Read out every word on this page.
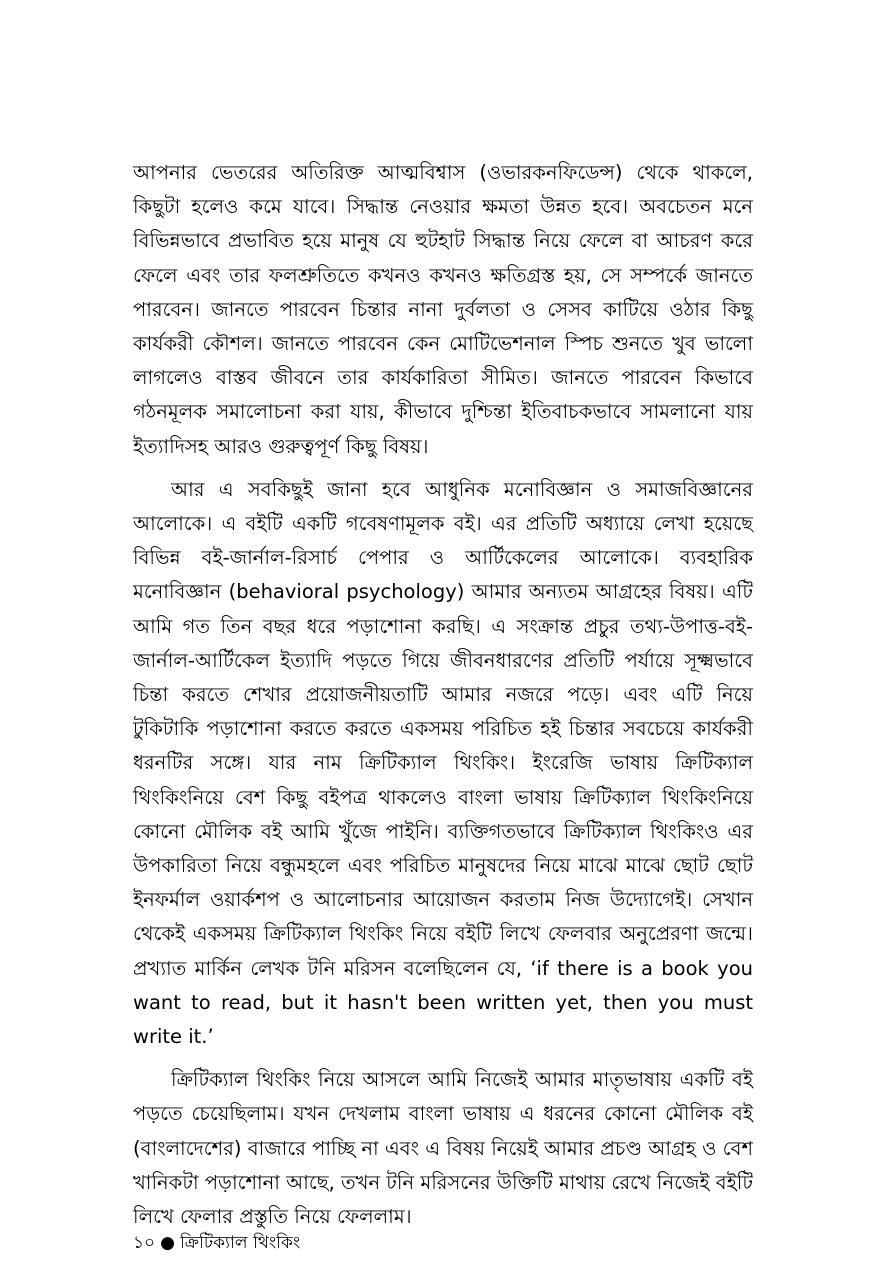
আপনার ভেতরের অতিরিক্ত আত্মবিশ্বাস (ওভারকনফিডেন্স) থেকে থাকলে, কিছুটা হলেও কমে যাবে। সিদ্ধান্ত নেওয়ার ক্ষমতা উন্নত হবে। অবচেতন মনে বিভিন্নভাবে প্রভাবিত হয়ে মানুষ যে হুটহাট সিদ্ধান্ত নিয়ে ফেলে বা আচরণ করে ফেলে এবং তার ফলশ্রুতিতে কখনও কখনও ক্ষতিগ্রস্ত হয়, সে সম্পর্কে জানতে পারবেন। জানতে পারবেন চিন্তার নানা দুর্বলতা ও সেসব কাটিয়ে ওঠার কিছু কার্যকরী কৌশল। জানতে পারবেন কেন মোটিভেশনাল স্পিচ শুনতে খুব ভালো লাগলেও বাস্তব জীবনে তার কার্যকারিতা সীমিত। জানতে পারবেন কিভাবে গঠনমূলক সমালোচনা করা যায়, কীভাবে দুশ্চিন্তা ইতিবাচকভাবে সামলানো যায় ইত্যাদিসহ আরও গুরুত্বপূর্ণ কিছু বিষয়।

আর এ সবকিছুই জানা হবে আধুনিক মনোবিজ্ঞান ও সমাজবিজ্ঞানের আলোকে। এ বইটি একটি গবেষণামূলক বই। এর প্রতিটি অধ্যায়ে লেখা হয়েছে বিভিন্ন বই-জার্নাল-রিসার্চ পেপার ও আর্টিকেলের আলোকে। ব্যবহারিক মনোবিজ্ঞান (behavioral psychology) আমার অন্যতম আগ্রহের বিষয়। এটি আমি গত তিন বছর ধরে পড়াশোনা করছি। এ সংক্রান্ত প্রচুর তথ্য-উপাত্ত-বই-জার্নাল-আর্টিকেল ইত্যাদি পড়তে গিয়ে জীবনধারণের প্রতিটি পর্যায়ে সূক্ষ্মভাবে চিন্তা করতে শেখার প্রয়োজনীয়তাটি আমার নজরে পড়ে। এবং এটি নিয়ে টুকিটাকি পড়াশোনা করতে করতে একসময় পরিচিত হই চিন্তার সবচেয়ে কার্যকরী ধরনটির সঙ্গে। যার নাম ক্রিটিক্যাল থিংকিং। ইংরেজি ভাষায় ক্রিটিক্যাল থিংকিংনিয়ে বেশ কিছু বইপত্র থাকলেও বাংলা ভাষায় ক্রিটিক্যাল থিংকিংনিয়ে কোনো মৌলিক বই আমি খুঁজে পাইনি। ব্যক্তিগতভাবে ক্রিটিক্যাল থিংকিংও এর উপকারিতা নিয়ে বন্ধুমহলে এবং পরিচিত মানুষদের নিয়ে মাঝে মাঝে ছোট ছোট ইনফর্মাল ওয়ার্কশপ ও আলোচনার আয়োজন করতাম নিজ উদ্যোগেই। সেখান থেকেই একসময় ক্রিটিক্যাল থিংকিং নিয়ে বইটি লিখে ফেলবার অনুপ্রেরণা জন্মে। প্রখ্যাত মার্কিন লেখক টনি মরিসন বলেছিলেন যে, ‘if there is a book you want to read, but it hasn't been written yet, then you must write it.’

ক্রিটিক্যাল থিংকিং নিয়ে আসলে আমি নিজেই আমার মাতৃভাষায় একটি বই পড়তে চেয়েছিলাম। যখন দেখলাম বাংলা ভাষায় এ ধরনের কোনো মৌলিক বই (বাংলাদেশের) বাজারে পাচ্ছি না এবং এ বিষয় নিয়েই আমার প্রচণ্ড আগ্রহ ও বেশ খানিকটা পড়াশোনা আছে, তখন টনি মরিসনের উক্তিটি মাথায় রেখে নিজেই বইটি লিখে ফেলার প্রস্তুতি নিয়ে ফেললাম।

১০ ● ক্রিটিক্যাল থিংকিং
